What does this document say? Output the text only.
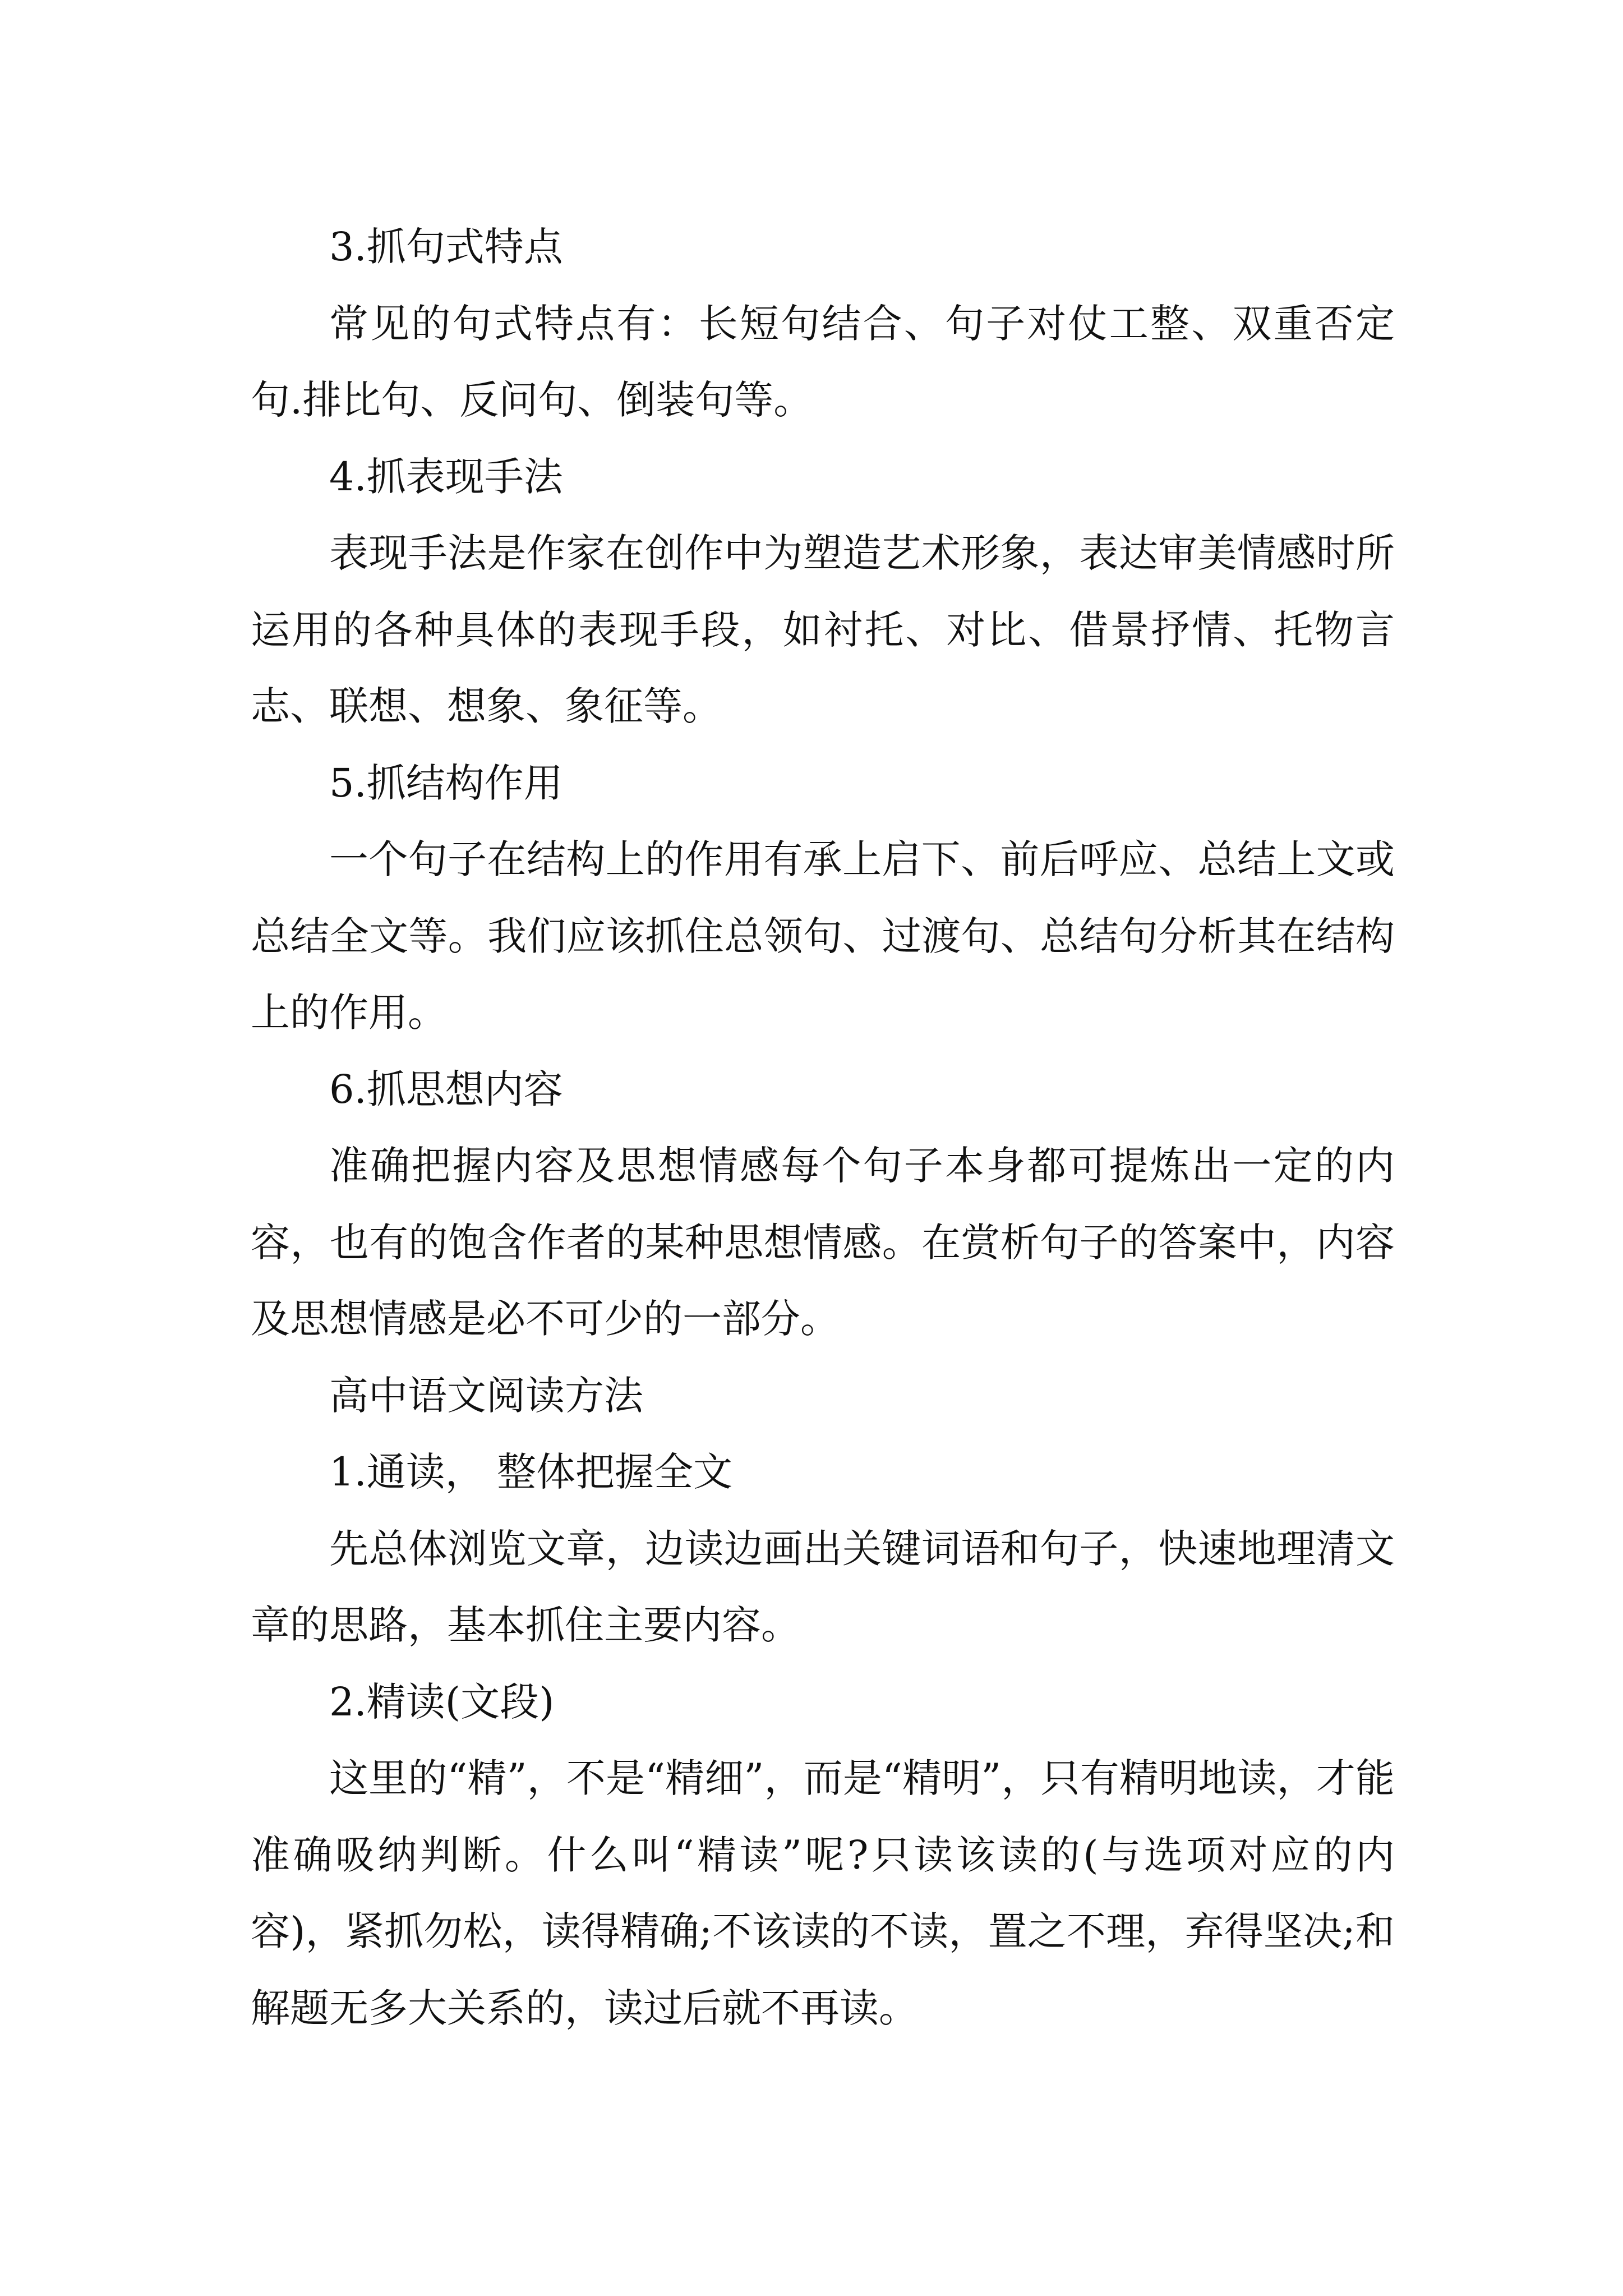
3.抓句式特点

常见的句式特点有：长短句结合、句子对仗工整、双重否定句.排比句、反问句、倒装句等。

4.抓表现手法

表现手法是作家在创作中为塑造艺术形象，表达审美情感时所运用的各种具体的表现手段，如衬托、对比、借景抒情、托物言志、联想、想象、象征等。

5.抓结构作用

一个句子在结构上的作用有承上启下、前后呼应、总结上文或总结全文等。我们应该抓住总领句、过渡句、总结句分析其在结构上的作用。

6.抓思想内容

准确把握内容及思想情感每个句子本身都可提炼出一定的内容，也有的饱含作者的某种思想情感。在赏析句子的答案中，内容及思想情感是必不可少的一部分。

高中语文阅读方法

1.通读， 整体把握全文

先总体浏览文章，边读边画出关键词语和句子，快速地理清文章的思路，基本抓住主要内容。

2.精读(文段)

这里的“精”，不是“精细”，而是“精明”，只有精明地读，才能准确吸纳判断。什么叫“精读”呢?只读该读的(与选项对应的内容)，紧抓勿松，读得精确;不该读的不读，置之不理，弃得坚决;和解题无多大关系的，读过后就不再读。
